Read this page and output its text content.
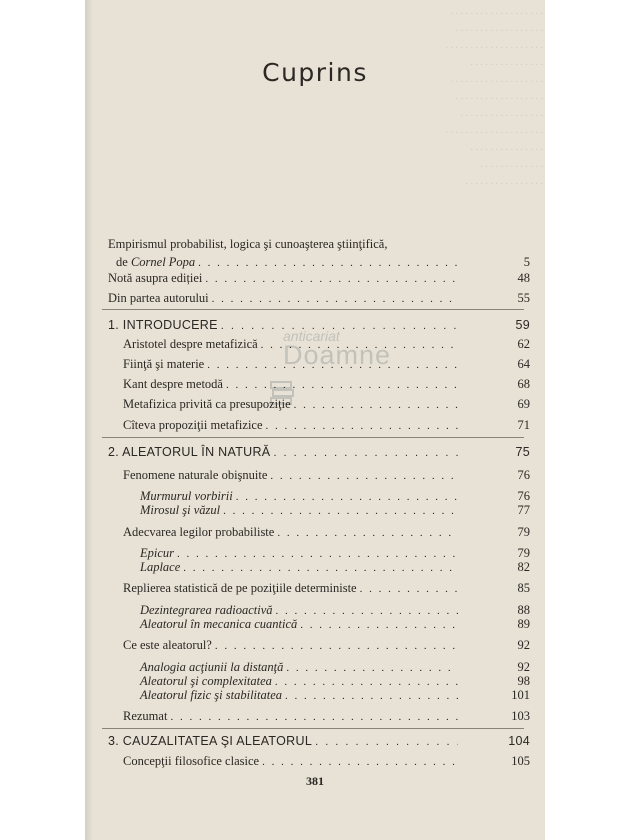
. . . . . . . . . . . . . . . . . . .
. . . . . . . . . . . . . . . . . .
. . . . . . . . . . . . . . . . . . . .
. . . . . . . . . . . . . . .
. . . . . . . . . . . . . . . . . . .
. . . . . . . . . . . . . . . . . .
. . . . . . . . . . . . . . . . .
. . . . . . . . . . . . . . . . . . . .
. . . . . . . . . . . . . . .
. . . . . . . . . . . . .
. . . . . . . . . . . . . . . .
Cuprins
anticariat
Doamne
Empirismul probabilist, logica şi cunoaşterea ştiinţifică,
de Cornel Popa . . .	5
Notă asupra ediției . . .	48
Din partea autorului . . .	55
1. INTRODUCERE . . .	59
Aristotel despre metafizică . . .	62
Fiinţă şi materie . . .	64
Kant despre metodă . . .	68
Metafizica privită ca presupoziţie . . .	69
Cîteva propoziţii metafizice . . .	71
2. ALEATORUL ÎN NATURĂ . . .	75
Fenomene naturale obişnuite . . .	76
Murmurul vorbirii . . .	76
Mirosul şi văzul . . .	77
Adecvarea legilor probabiliste . . .	79
Epicur . . .	79
Laplace . . .	82
Replierea statistică de pe poziţiile deterministe . . .	85
Dezintegrarea radioactivă . . .	88
Aleatorul în mecanica cuantică . . .	89
Ce este aleatorul? . . .	92
Analogia acţiunii la distanţă . . .	92
Aleatorul şi complexitatea . . .	98
Aleatorul fizic şi stabilitatea . . .	101
Rezumat . . .	103
3. CAUZALITATEA ŞI ALEATORUL . . .	104
Concepţii filosofice clasice . . .	105
381
